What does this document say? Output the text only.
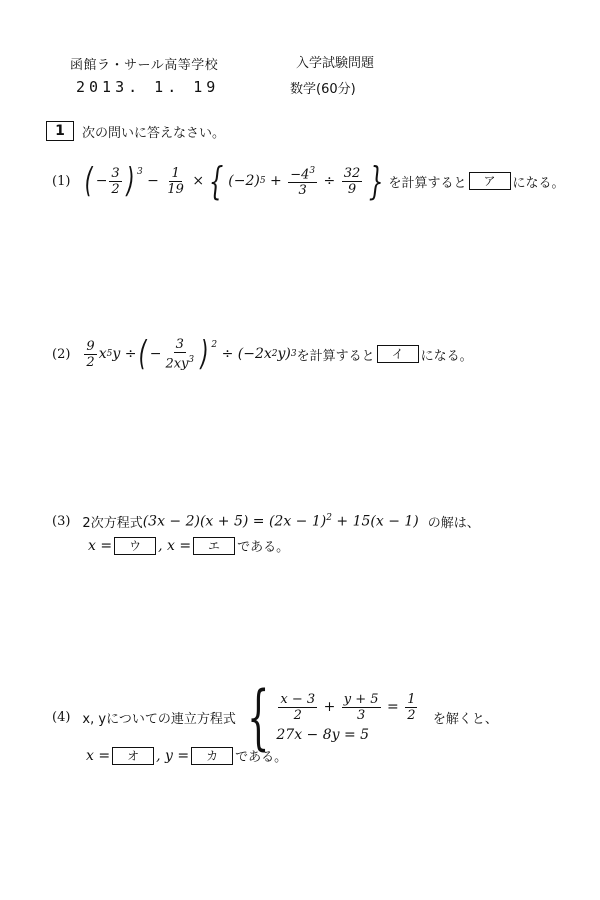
函館ラ・サール高等学校
2013. 1. 19
入学試験問題
数学(60分)
1	次の問いに答えなさい。
(1) ( − $\frac{3}{2}$ ) $^3$
− $\frac{1}{19}$ × { (−2) $5 + \frac{-4^3}{3} \div \frac{32}{9}$ } を計算すると	ア	になる。
$(2) \frac{9}{2}$ x 5 y ÷ ( − $\frac{3}{2xy^3}$ ) $^2$
÷ ($-2x_2$ y) 3 を計算すると	イ	になる。
(3) 2次方程式 $(3x - 2)(x + 5) = (2x - 1)^2 + 15(x - 1)$
の解は、
x =	ウ	, x =	エ	である。
(4) x, yについての連立方程式 { $\frac{x - 3}{2} + \frac{y + 5}{3} = \frac{1}{2}$
27x − 8y = 5

を解くと、
x =	オ	, y =	カ	である。
